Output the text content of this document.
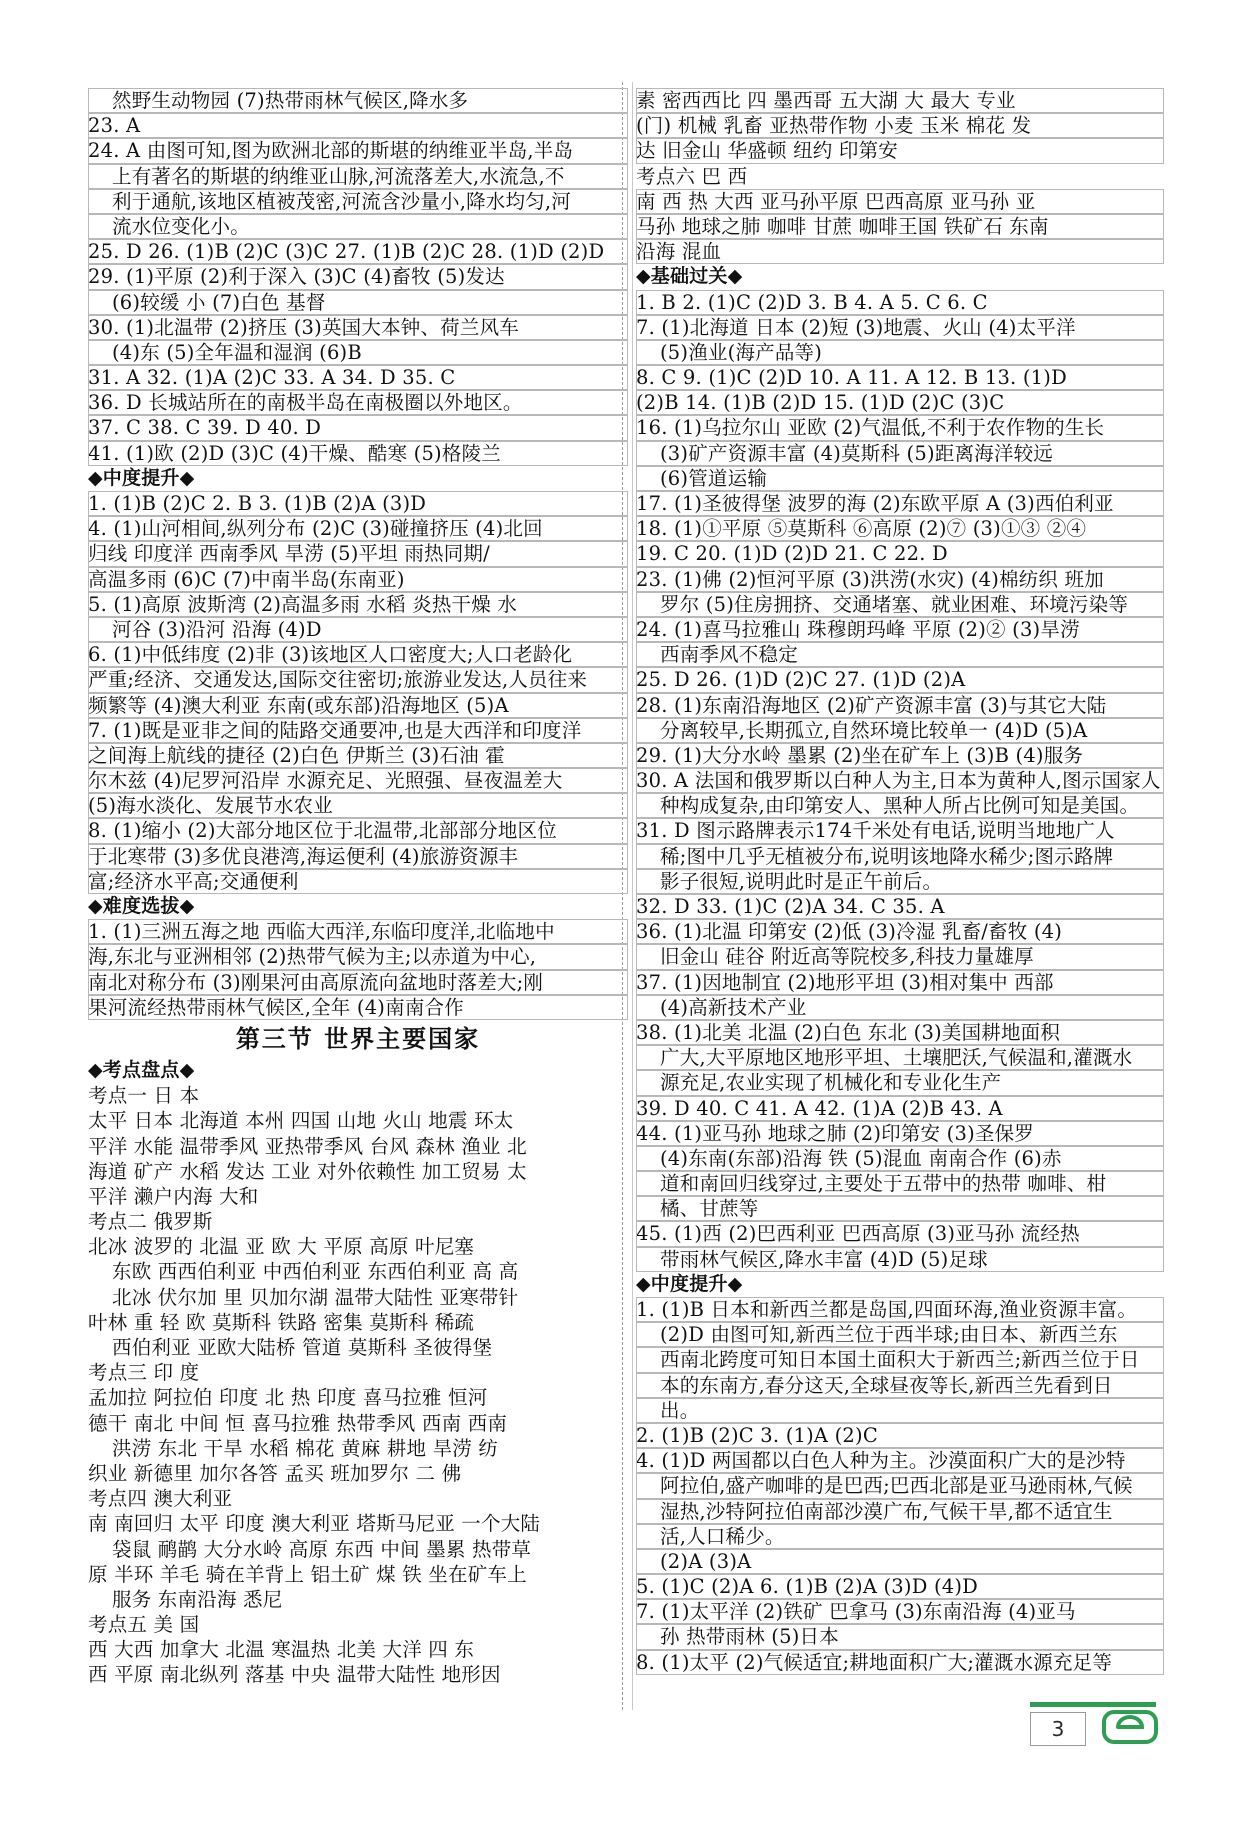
然野生动物园 (7)热带雨林气候区,降水多
23. A
24. A 由图可知,图为欧洲北部的斯堪的纳维亚半岛,半岛
上有著名的斯堪的纳维亚山脉,河流落差大,水流急,不
利于通航,该地区植被茂密,河流含沙量小,降水均匀,河
流水位变化小。
25. D 26. (1)B (2)C (3)C 27. (1)B (2)C 28. (1)D (2)D
29. (1)平原 (2)利于深入 (3)C (4)畜牧 (5)发达
(6)较缓 小 (7)白色 基督
30. (1)北温带 (2)挤压 (3)英国大本钟、荷兰风车
(4)东 (5)全年温和湿润 (6)B
31. A 32. (1)A (2)C 33. A 34. D 35. C
36. D 长城站所在的南极半岛在南极圈以外地区。
37. C 38. C 39. D 40. D
41. (1)欧 (2)D (3)C (4)干燥、酷寒 (5)格陵兰
◆中度提升◆
1. (1)B (2)C 2. B 3. (1)B (2)A (3)D
4. (1)山河相间,纵列分布 (2)C (3)碰撞挤压 (4)北回
归线 印度洋 西南季风 旱涝 (5)平坦 雨热同期/
高温多雨 (6)C (7)中南半岛(东南亚)
5. (1)高原 波斯湾 (2)高温多雨 水稻 炎热干燥 水
河谷 (3)沿河 沿海 (4)D
6. (1)中低纬度 (2)非 (3)该地区人口密度大;人口老龄化
严重;经济、交通发达,国际交往密切;旅游业发达,人员往来
频繁等 (4)澳大利亚 东南(或东部)沿海地区 (5)A
7. (1)既是亚非之间的陆路交通要冲,也是大西洋和印度洋
之间海上航线的捷径 (2)白色 伊斯兰 (3)石油 霍
尔木兹 (4)尼罗河沿岸 水源充足、光照强、昼夜温差大
(5)海水淡化、发展节水农业
8. (1)缩小 (2)大部分地区位于北温带,北部部分地区位
于北寒带 (3)多优良港湾,海运便利 (4)旅游资源丰
富;经济水平高;交通便利
◆难度选拔◆
1. (1)三洲五海之地 西临大西洋,东临印度洋,北临地中
海,东北与亚洲相邻 (2)热带气候为主;以赤道为中心,
南北对称分布 (3)刚果河由高原流向盆地时落差大;刚
果河流经热带雨林气候区,全年 (4)南南合作
第三节 世界主要国家
◆考点盘点◆
考点一 日 本
太平 日本 北海道 本州 四国 山地 火山 地震 环太
平洋 水能 温带季风 亚热带季风 台风 森林 渔业 北
海道 矿产 水稻 发达 工业 对外依赖性 加工贸易 太
平洋 濑户内海 大和
考点二 俄罗斯
北冰 波罗的 北温 亚 欧 大 平原 高原 叶尼塞
东欧 西西伯利亚 中西伯利亚 东西伯利亚 高 高
北冰 伏尔加 里 贝加尔湖 温带大陆性 亚寒带针
叶林 重 轻 欧 莫斯科 铁路 密集 莫斯科 稀疏
西伯利亚 亚欧大陆桥 管道 莫斯科 圣彼得堡
考点三 印 度
孟加拉 阿拉伯 印度 北 热 印度 喜马拉雅 恒河
德干 南北 中间 恒 喜马拉雅 热带季风 西南 西南
洪涝 东北 干旱 水稻 棉花 黄麻 耕地 旱涝 纺
织业 新德里 加尔各答 孟买 班加罗尔 二 佛
考点四 澳大利亚
南 南回归 太平 印度 澳大利亚 塔斯马尼亚 一个大陆
袋鼠 鸸鹋 大分水岭 高原 东西 中间 墨累 热带草
原 半环 羊毛 骑在羊背上 铝土矿 煤 铁 坐在矿车上
服务 东南沿海 悉尼
考点五 美 国
西 大西 加拿大 北温 寒温热 北美 大洋 四 东
西 平原 南北纵列 落基 中央 温带大陆性 地形因
素 密西西比 四 墨西哥 五大湖 大 最大 专业
(门) 机械 乳畜 亚热带作物 小麦 玉米 棉花 发
达 旧金山 华盛顿 纽约 印第安
考点六 巴 西
南 西 热 大西 亚马孙平原 巴西高原 亚马孙 亚
马孙 地球之肺 咖啡 甘蔗 咖啡王国 铁矿石 东南
沿海 混血
◆基础过关◆
1. B 2. (1)C (2)D 3. B 4. A 5. C 6. C
7. (1)北海道 日本 (2)短 (3)地震、火山 (4)太平洋
(5)渔业(海产品等)
8. C 9. (1)C (2)D 10. A 11. A 12. B 13. (1)D
(2)B 14. (1)B (2)D 15. (1)D (2)C (3)C
16. (1)乌拉尔山 亚欧 (2)气温低,不利于农作物的生长
(3)矿产资源丰富 (4)莫斯科 (5)距离海洋较远
(6)管道运输
17. (1)圣彼得堡 波罗的海 (2)东欧平原 A (3)西伯利亚
18. (1)①平原 ⑤莫斯科 ⑥高原 (2)⑦ (3)①③ ②④
19. C 20. (1)D (2)D 21. C 22. D
23. (1)佛 (2)恒河平原 (3)洪涝(水灾) (4)棉纺织 班加
罗尔 (5)住房拥挤、交通堵塞、就业困难、环境污染等
24. (1)喜马拉雅山 珠穆朗玛峰 平原 (2)② (3)旱涝
西南季风不稳定
25. D 26. (1)D (2)C 27. (1)D (2)A
28. (1)东南沿海地区 (2)矿产资源丰富 (3)与其它大陆
分离较早,长期孤立,自然环境比较单一 (4)D (5)A
29. (1)大分水岭 墨累 (2)坐在矿车上 (3)B (4)服务
30. A 法国和俄罗斯以白种人为主,日本为黄种人,图示国家人
种构成复杂,由印第安人、黑种人所占比例可知是美国。
31. D 图示路牌表示174千米处有电话,说明当地地广人
稀;图中几乎无植被分布,说明该地降水稀少;图示路牌
影子很短,说明此时是正午前后。
32. D 33. (1)C (2)A 34. C 35. A
36. (1)北温 印第安 (2)低 (3)冷湿 乳畜/畜牧 (4)
旧金山 硅谷 附近高等院校多,科技力量雄厚
37. (1)因地制宜 (2)地形平坦 (3)相对集中 西部
(4)高新技术产业
38. (1)北美 北温 (2)白色 东北 (3)美国耕地面积
广大,大平原地区地形平坦、土壤肥沃,气候温和,灌溉水
源充足,农业实现了机械化和专业化生产
39. D 40. C 41. A 42. (1)A (2)B 43. A
44. (1)亚马孙 地球之肺 (2)印第安 (3)圣保罗
(4)东南(东部)沿海 铁 (5)混血 南南合作 (6)赤
道和南回归线穿过,主要处于五带中的热带 咖啡、柑
橘、甘蔗等
45. (1)西 (2)巴西利亚 巴西高原 (3)亚马孙 流经热
带雨林气候区,降水丰富 (4)D (5)足球
◆中度提升◆
1. (1)B 日本和新西兰都是岛国,四面环海,渔业资源丰富。
(2)D 由图可知,新西兰位于西半球;由日本、新西兰东
西南北跨度可知日本国土面积大于新西兰;新西兰位于日
本的东南方,春分这天,全球昼夜等长,新西兰先看到日
出。
2. (1)B (2)C 3. (1)A (2)C
4. (1)D 两国都以白色人种为主。沙漠面积广大的是沙特
阿拉伯,盛产咖啡的是巴西;巴西北部是亚马逊雨林,气候
湿热,沙特阿拉伯南部沙漠广布,气候干旱,都不适宜生
活,人口稀少。
(2)A (3)A
5. (1)C (2)A 6. (1)B (2)A (3)D (4)D
7. (1)太平洋 (2)铁矿 巴拿马 (3)东南沿海 (4)亚马
孙 热带雨林 (5)日本
8. (1)太平 (2)气候适宜;耕地面积广大;灌溉水源充足等
3
